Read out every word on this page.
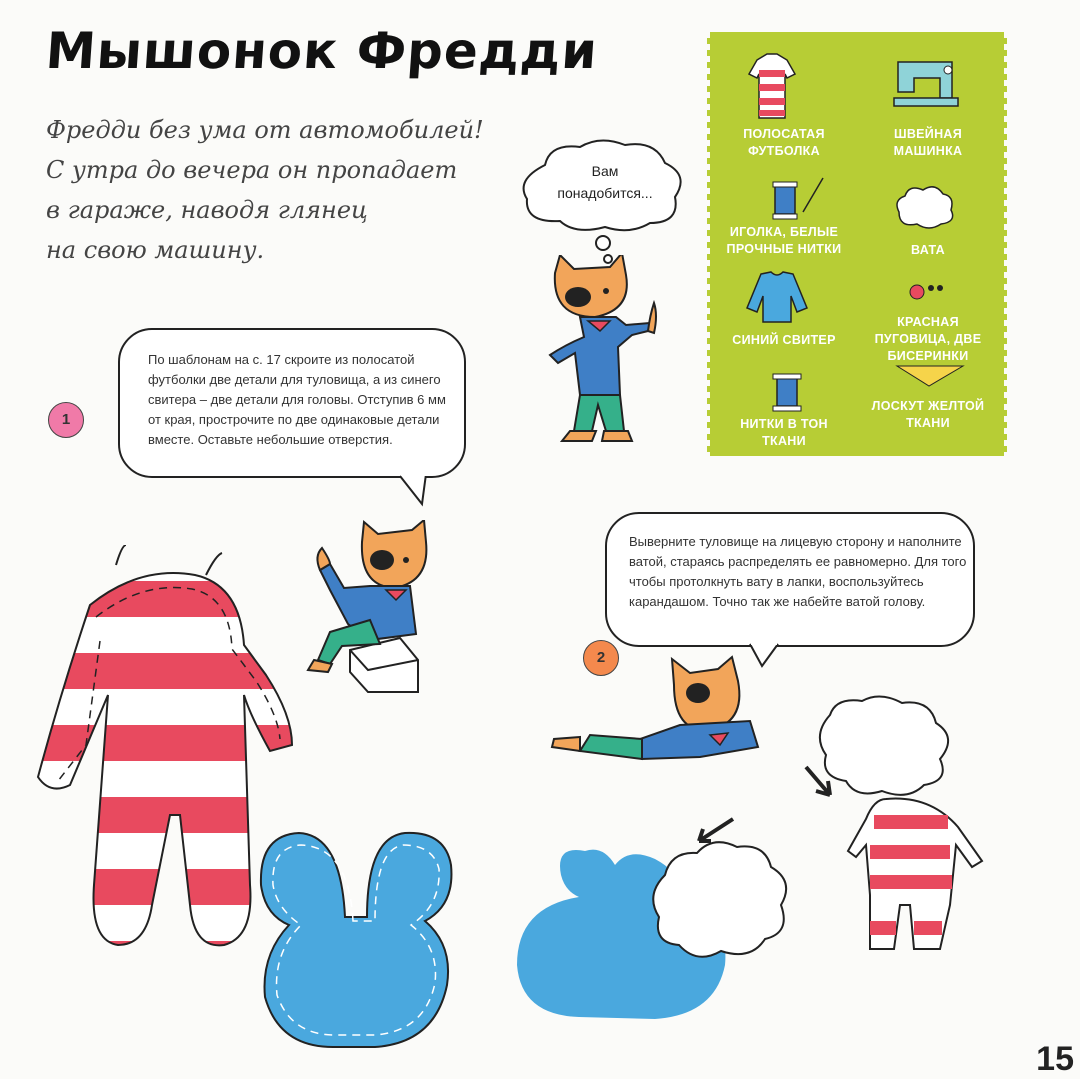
Мышонок Фредди
Фредди без ума от автомобилей!
С утра до вечера он пропадает
в гараже, наводя глянец
на свою машину.
Вам понадобится...
ПОЛОСАТАЯ ФУТБОЛКА
ШВЕЙНАЯ МАШИНКА
ИГОЛКА, БЕЛЫЕ ПРОЧНЫЕ НИТКИ	ВАТА
СИНИЙ СВИТЕР
КРАСНАЯ ПУГОВИЦА, ДВЕ БИСЕРИНКИ
НИТКИ В ТОН ТКАНИ
ЛОСКУТ ЖЕЛТОЙ ТКАНИ
1
По шаблонам на с. 17 скроите из полосатой футболки две детали для туловища, а из синего свитера – две детали для головы. Отступив 6 мм от края, прострочите по две одинаковые детали вместе. Оставьте небольшие отверстия.
2
Выверните туловище на лицевую сторону и наполните ватой, стараясь распределять ее равномерно. Для того чтобы протолкнуть вату в лапки, воспользуйтесь карандашом. Точно так же набейте ватой голову.
15
